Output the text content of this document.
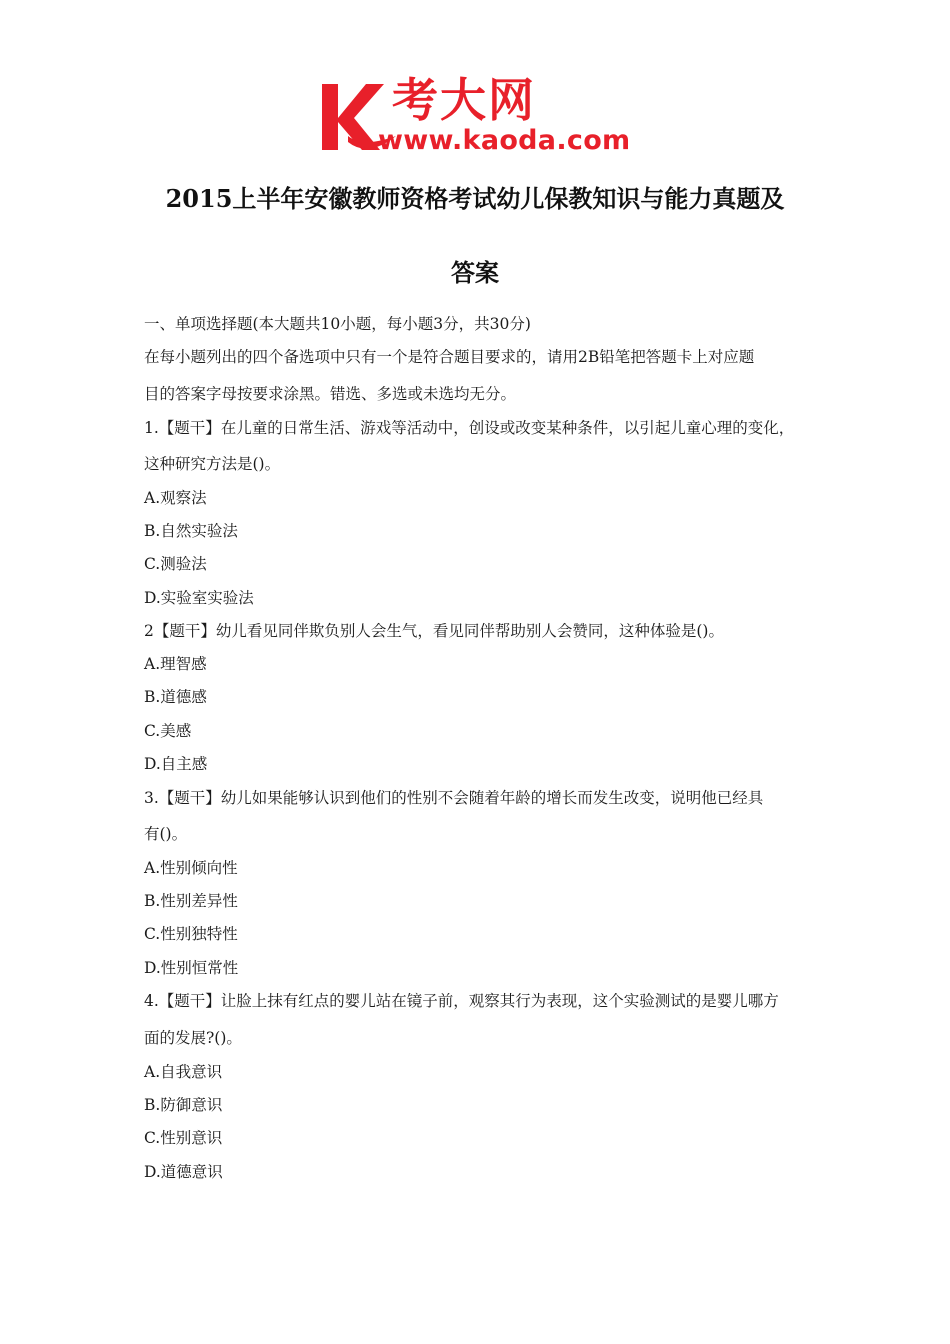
考大网
www.kaoda.com
2015上半年安徽教师资格考试幼儿保教知识与能力真题及
答案
一、单项选择题(本大题共10小题，每小题3分，共30分)
在每小题列出的四个备选项中只有一个是符合题目要求的，请用2B铅笔把答题卡上对应题
目的答案字母按要求涂黑。错选、多选或未选均无分。
1.【题干】在儿童的日常生活、游戏等活动中，创设或改变某种条件，以引起儿童心理的变化，
这种研究方法是()。
A.观察法
B.自然实验法
C.测验法
D.实验室实验法
2【题干】幼儿看见同伴欺负别人会生气，看见同伴帮助别人会赞同，这种体验是()。
A.理智感
B.道德感
C.美感
D.自主感
3.【题干】幼儿如果能够认识到他们的性别不会随着年龄的增长而发生改变，说明他已经具
有()。
A.性别倾向性
B.性别差异性
C.性别独特性
D.性别恒常性
4.【题干】让脸上抹有红点的婴儿站在镜子前，观察其行为表现，这个实验测试的是婴儿哪方
面的发展?()。
A.自我意识
B.防御意识
C.性别意识
D.道德意识
